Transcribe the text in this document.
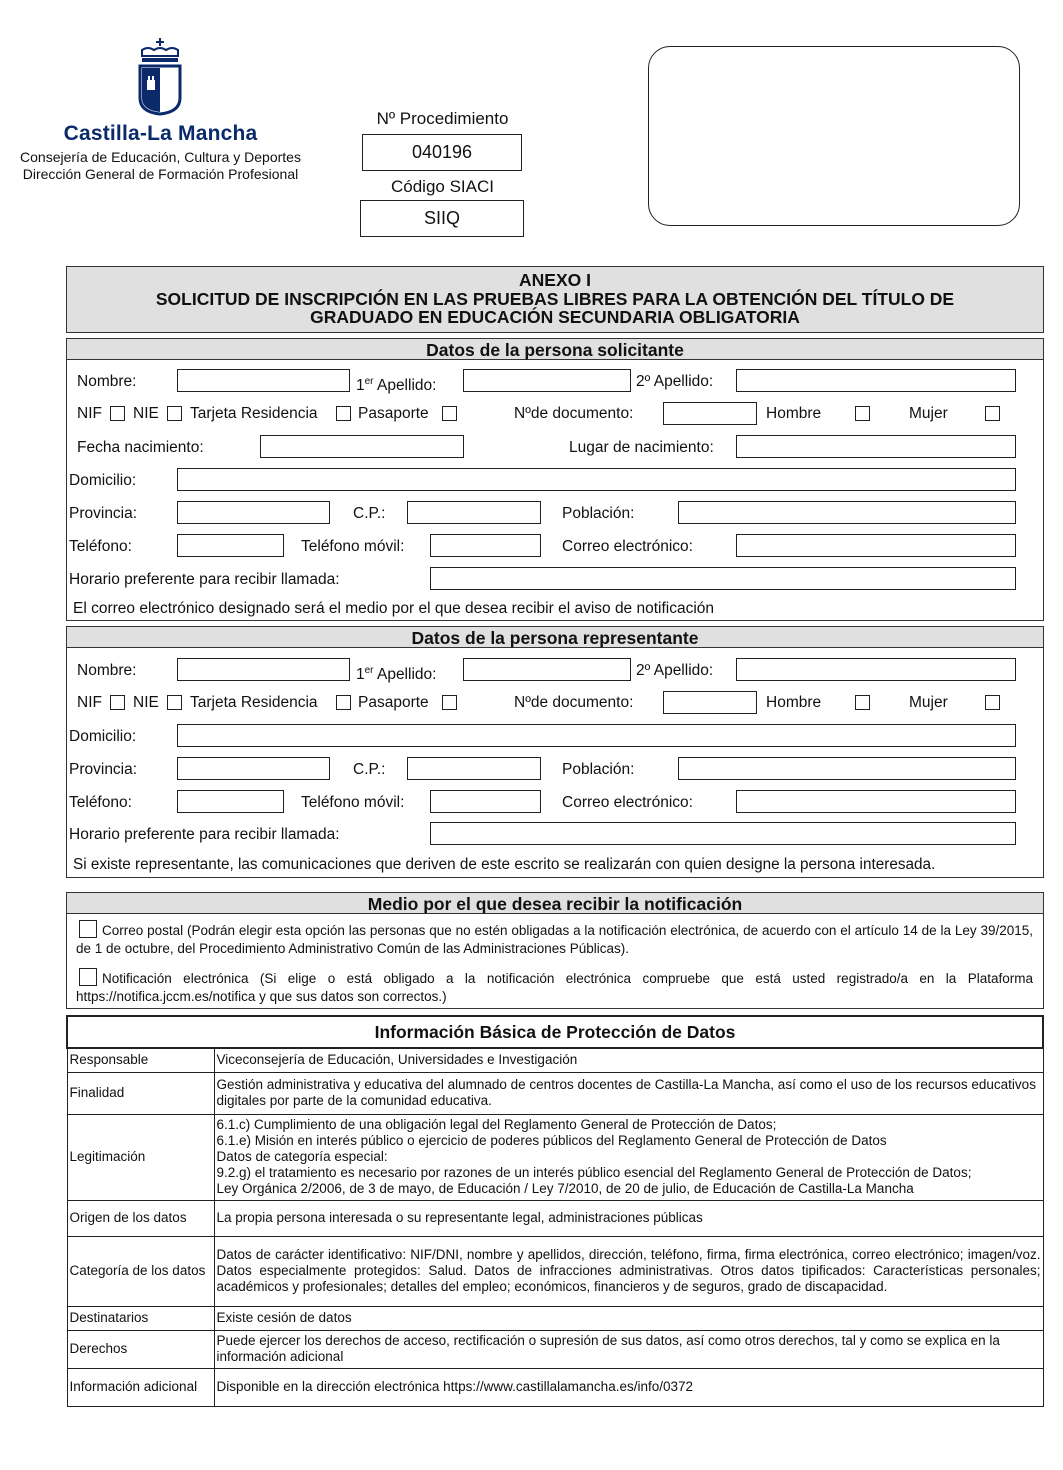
Castilla-La Mancha
Consejería de Educación, Cultura y Deportes
Dirección General de Formación Profesional
Nº Procedimiento
040196
Código SIACI
SIIQ
ANEXO I
SOLICITUD DE INSCRIPCIÓN EN LAS PRUEBAS LIBRES PARA LA OBTENCIÓN DEL TÍTULO DE
GRADUADO EN EDUCACIÓN SECUNDARIA OBLIGATORIA
Datos de la persona solicitante
Nombre:	1er Apellido:	2º Apellido:
NIF NIE Tarjeta Residencia	Pasaporte	Nºde documento:	Hombre	Mujer
Fecha nacimiento:	Lugar de nacimiento:
Domicilio:
Provincia:	C.P.:	Población:
Teléfono:	Teléfono móvil:	Correo electrónico:
Horario preferente para recibir llamada:
El correo electrónico designado será el medio por el que desea recibir el aviso de notificación
Datos de la persona representante
Nombre:	1er Apellido:	2º Apellido:
NIF NIE Tarjeta Residencia	Pasaporte	Nºde documento:	Hombre	Mujer
Domicilio:
Provincia:	C.P.:	Población:
Teléfono:	Teléfono móvil:	Correo electrónico:
Horario preferente para recibir llamada:
Si existe representante, las comunicaciones que deriven de este escrito se realizarán con quien designe la persona interesada.
Medio por el que desea recibir la notificación
Correo postal (Podrán elegir esta opción las personas que no estén obligadas a la notificación electrónica, de acuerdo con el artículo 14 de la Ley 39/2015, de 1 de octubre, del Procedimiento Administrativo Común de las Administraciones Públicas).
Notificación electrónica (Si elige o está obligado a la notificación electrónica compruebe que está usted registrado/a en la Plataforma https://notifica.jccm.es/notifica y que sus datos son correctos.)
Información Básica de Protección de Datos	
Responsable	Viceconsejería de Educación, Universidades e Investigación
Finalidad	Gestión administrativa y educativa del alumnado de centros docentes de Castilla-La Mancha, así como el uso de los recursos educativos digitales por parte de la comunidad educativa.
Legitimación	6.1.c) Cumplimiento de una obligación legal del Reglamento General de Protección de Datos;
6.1.e) Misión en interés público o ejercicio de poderes públicos del Reglamento General de Protección de Datos
Datos de categoría especial:
9.2.g) el tratamiento es necesario por razones de un interés público esencial del Reglamento General de Protección de Datos;
Ley Orgánica 2/2006, de 3 de mayo, de Educación / Ley 7/2010, de 20 de julio, de Educación de Castilla-La Mancha
Origen de los datos	La propia persona interesada o su representante legal, administraciones públicas
Categoría de los datos	Datos de carácter identificativo: NIF/DNI, nombre y apellidos, dirección, teléfono, firma, firma electrónica, correo electrónico; imagen/voz. Datos especialmente protegidos: Salud. Datos de infracciones administrativas. Otros datos tipificados: Características personales; académicos y profesionales; detalles del empleo; económicos, financieros y de seguros, grado de discapacidad.
Destinatarios	Existe cesión de datos
Derechos	Puede ejercer los derechos de acceso, rectificación o supresión de sus datos, así como otros derechos, tal y como se explica en la información adicional
Información adicional	Disponible en la dirección electrónica https://www.castillalamancha.es/info/0372
